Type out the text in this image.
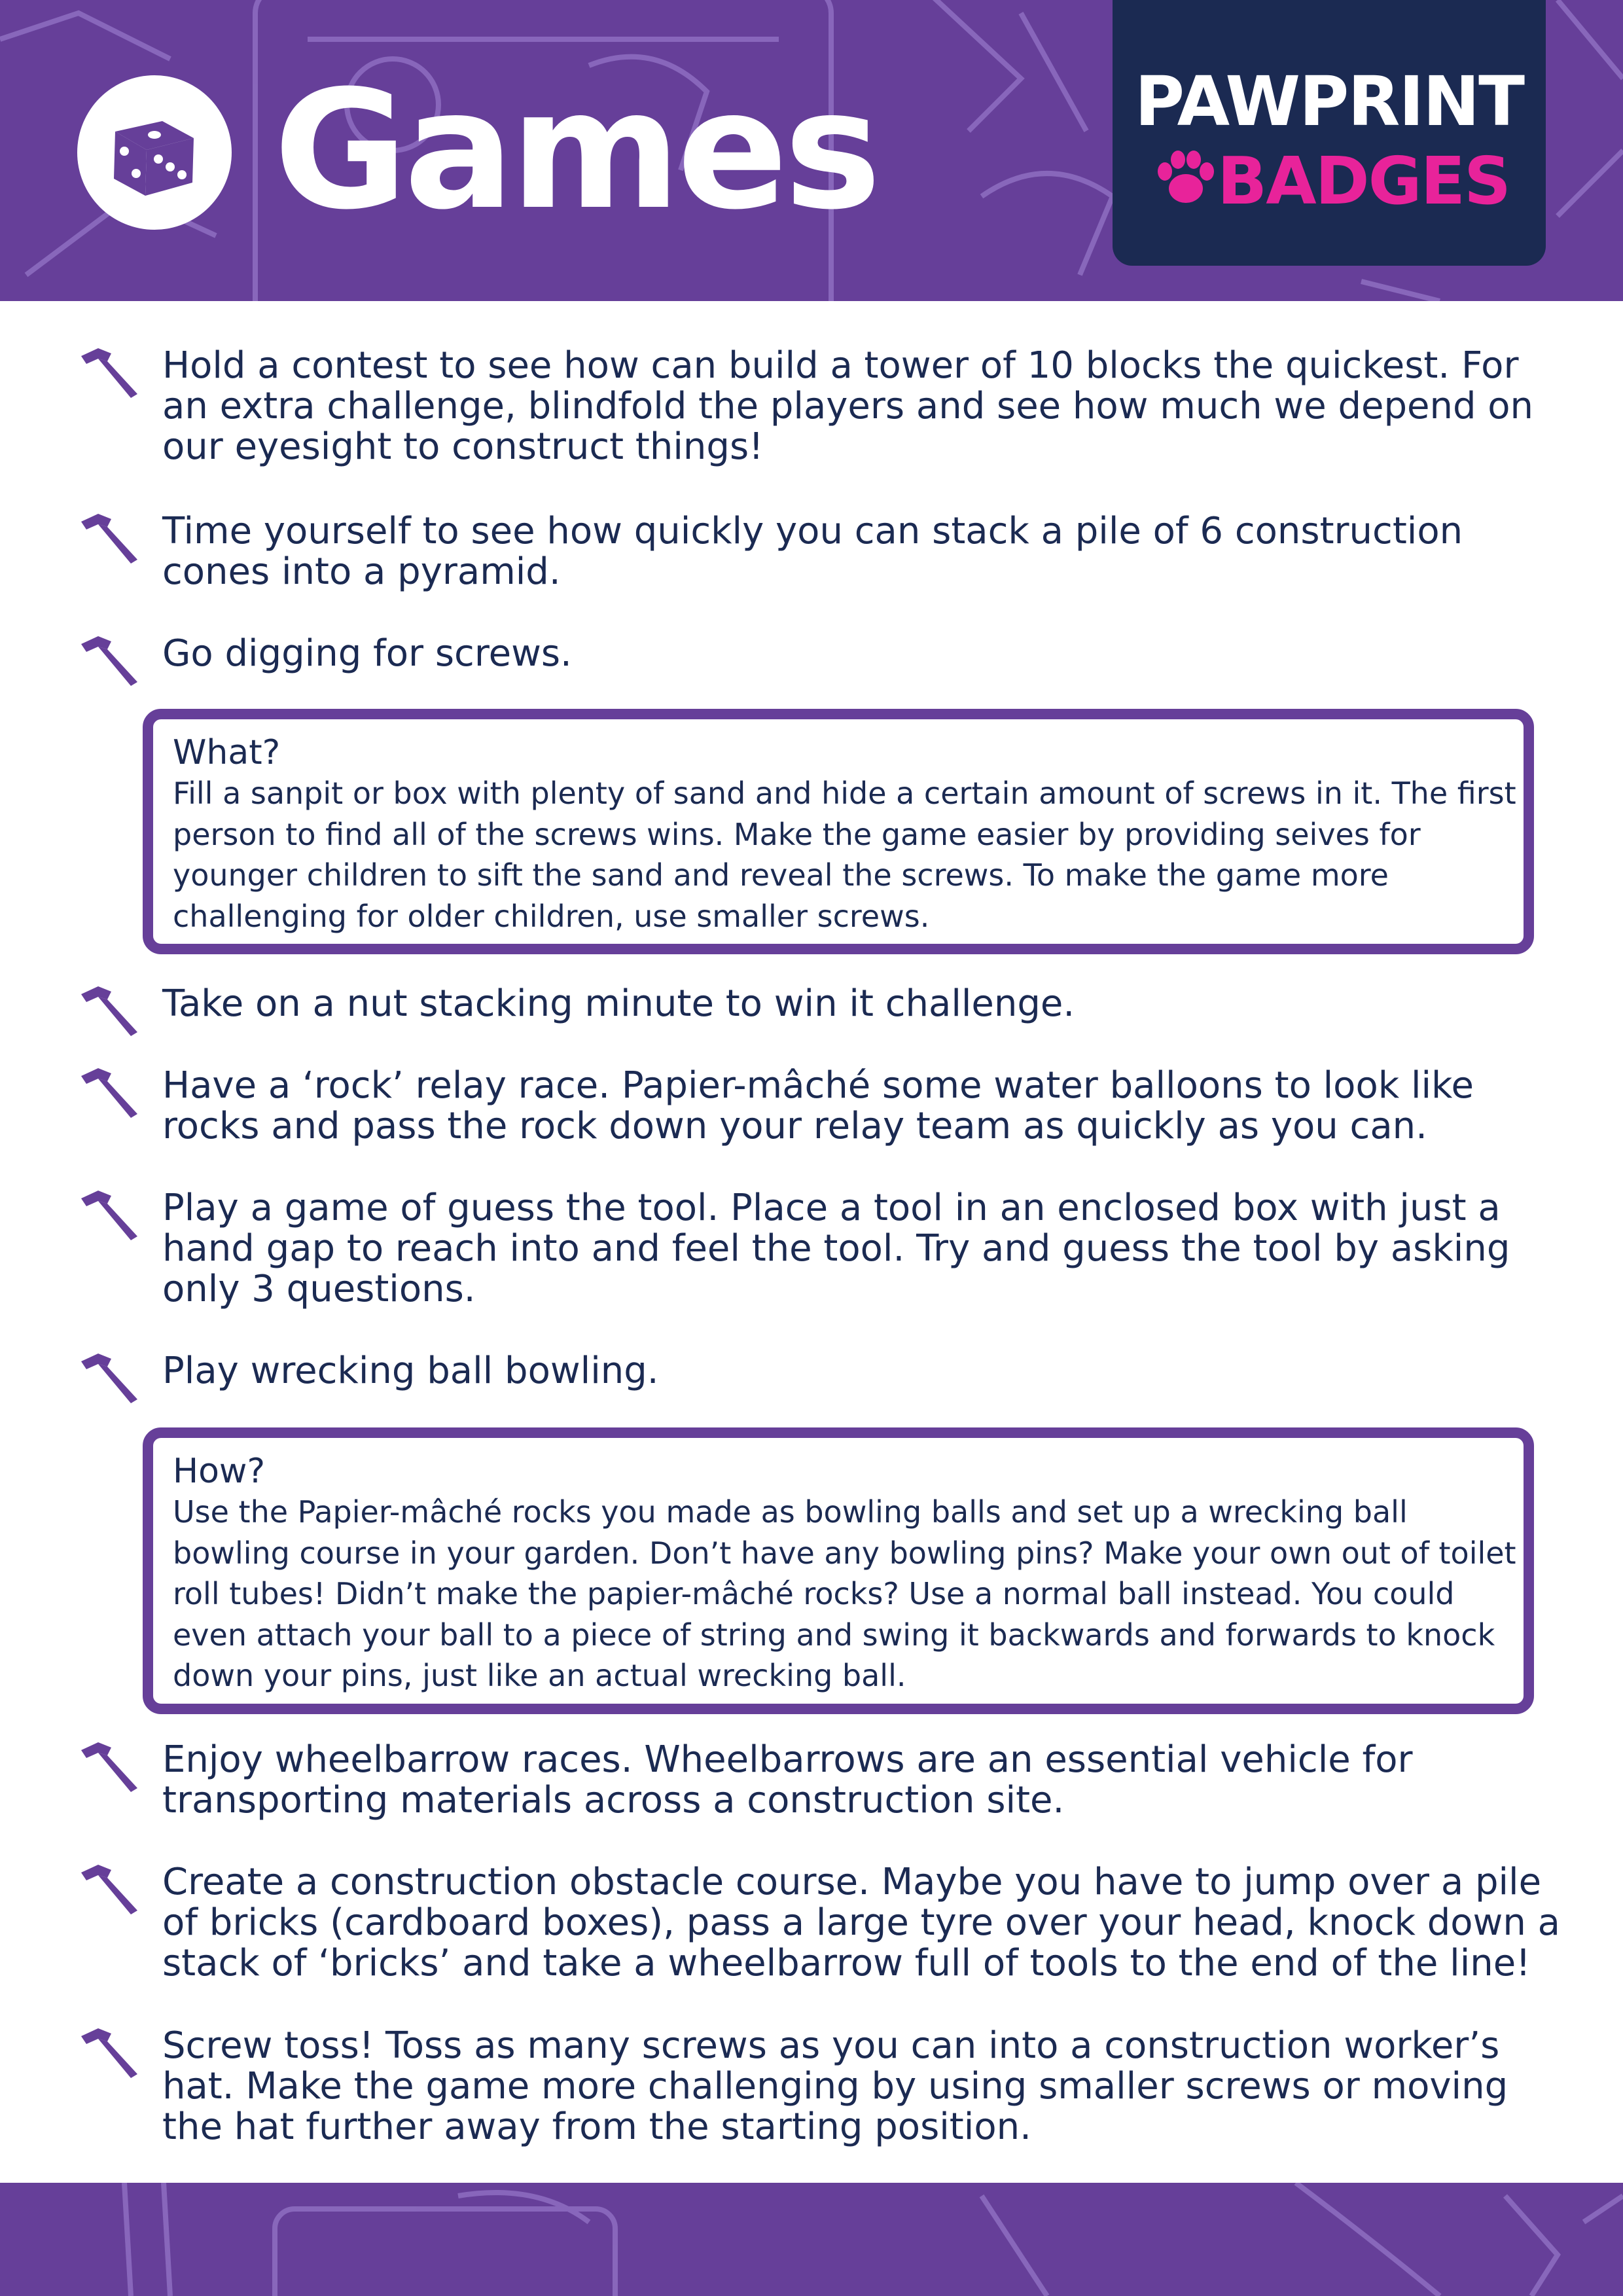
Games	PAWPRINT
BADGES

Hold a contest to see how can build a tower of 10 blocks the quickest. For an extra challenge, blindfold the players and see how much we depend on our eyesight to construct things!

Time yourself to see how quickly you can stack a pile of 6 construction cones into a pyramid.

Go digging for screws.

What?

Fill a sanpit or box with plenty of sand and hide a certain amount of screws in it. The first person to find all of the screws wins. Make the game easier by providing seives for younger children to sift the sand and reveal the screws. To make the game more challenging for older children, use smaller screws.

Take on a nut stacking minute to win it challenge.

Have a ‘rock’ relay race. Papier-mâché some water balloons to look like rocks and pass the rock down your relay team as quickly as you can.

Play a game of guess the tool. Place a tool in an enclosed box with just a hand gap to reach into and feel the tool. Try and guess the tool by asking only 3 questions.

Play wrecking ball bowling.

How?

Use the Papier-mâché rocks you made as bowling balls and set up a wrecking ball bowling course in your garden. Don’t have any bowling pins? Make your own out of toilet roll tubes! Didn’t make the papier-mâché rocks? Use a normal ball instead. You could even attach your ball to a piece of string and swing it backwards and forwards to knock down your pins, just like an actual wrecking ball.

Enjoy wheelbarrow races. Wheelbarrows are an essential vehicle for transporting materials across a construction site.

Create a construction obstacle course. Maybe you have to jump over a pile of bricks (cardboard boxes), pass a large tyre over your head, knock down a stack of ‘bricks’ and take a wheelbarrow full of tools to the end of the line!

Screw toss! Toss as many screws as you can into a construction worker’s hat. Make the game more challenging by using smaller screws or moving the hat further away from the starting position.
